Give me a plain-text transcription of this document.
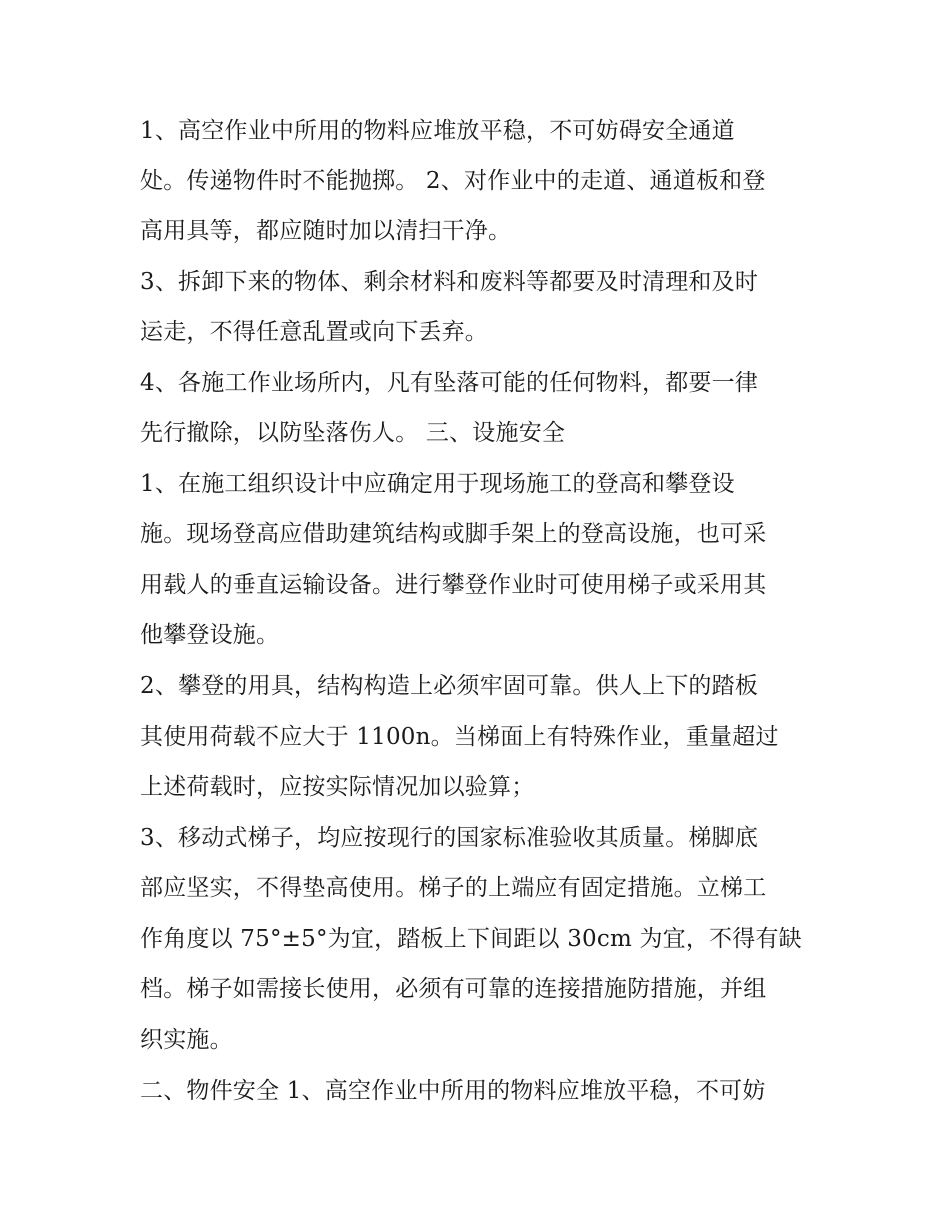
1、高空作业中所用的物料应堆放平稳，不可妨碍安全通道
处。传递物件时不能抛掷。 2、对作业中的走道、通道板和登
高用具等，都应随时加以清扫干净。
3、拆卸下来的物体、剩余材料和废料等都要及时清理和及时
运走，不得任意乱置或向下丢弃。
4、各施工作业场所内，凡有坠落可能的任何物料，都要一律
先行撤除，以防坠落伤人。 三、设施安全
1、在施工组织设计中应确定用于现场施工的登高和攀登设
施。现场登高应借助建筑结构或脚手架上的登高设施，也可采
用载人的垂直运输设备。进行攀登作业时可使用梯子或采用其
他攀登设施。
2、攀登的用具，结构构造上必须牢固可靠。供人上下的踏板
其使用荷载不应大于 1100n。当梯面上有特殊作业，重量超过
上述荷载时，应按实际情况加以验算；
3、移动式梯子，均应按现行的国家标准验收其质量。梯脚底
部应坚实，不得垫高使用。梯子的上端应有固定措施。立梯工
作角度以 75°±5°为宜，踏板上下间距以 30cm 为宜，不得有缺
档。梯子如需接长使用，必须有可靠的连接措施防措施，并组
织实施。
二、物件安全 1、高空作业中所用的物料应堆放平稳，不可妨
